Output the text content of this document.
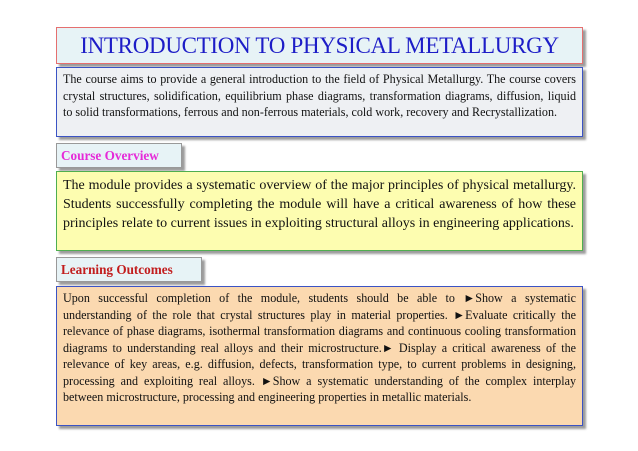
INTRODUCTION TO PHYSICAL METALLURGY

The course aims to provide a general introduction to the field of Physical Metallurgy. The course covers crystal structures, solidification, equilibrium phase diagrams, transformation diagrams, diffusion, liquid to solid transformations, ferrous and non-ferrous materials, cold work, recovery and Recrystallization.

Course Overview

The module provides a systematic overview of the major principles of physical metallurgy. Students successfully completing the module will have a critical awareness of how these principles relate to current issues in exploiting structural alloys in engineering applications.

Learning Outcomes

Upon successful completion of the module, students should be able to ►Show a systematic understanding of the role that crystal structures play in material properties. ►Evaluate critically the relevance of phase diagrams, isothermal transformation diagrams and continuous cooling transformation diagrams to understanding real alloys and their microstructure.► Display a critical awareness of the relevance of key areas, e.g. diffusion, defects, transformation type, to current problems in designing, processing and exploiting real alloys. ►Show a systematic understanding of the complex interplay between microstructure, processing and engineering properties in metallic materials.
